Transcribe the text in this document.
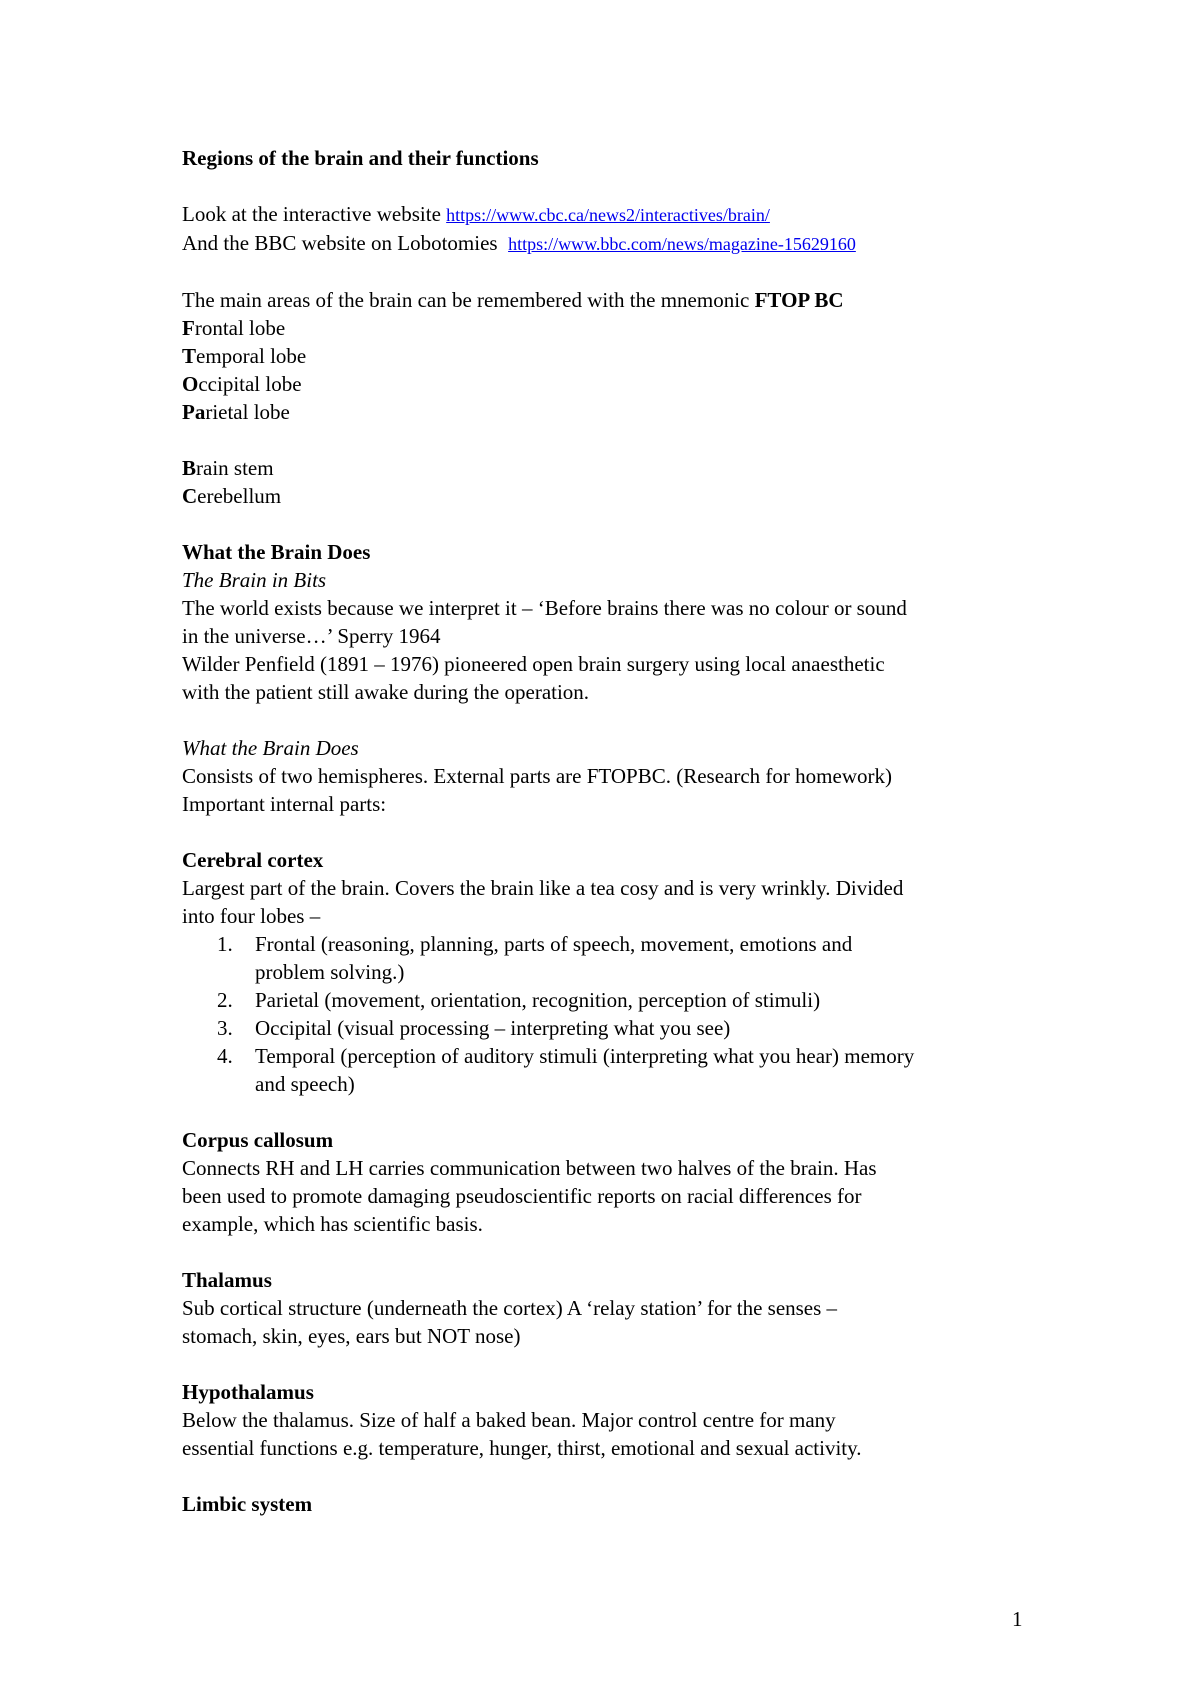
Regions of the brain and their functions

Look at the interactive website https://www.cbc.ca/news2/interactives/brain/

And the BBC website on Lobotomies  https://www.bbc.com/news/magazine-15629160

The main areas of the brain can be remembered with the mnemonic FTOP BC

Frontal lobe

Temporal lobe

Occipital lobe

Parietal lobe

Brain stem

Cerebellum

What the Brain Does

The Brain in Bits

The world exists because we interpret it – ‘Before brains there was no colour or sound

in the universe…’ Sperry 1964

Wilder Penfield (1891 – 1976) pioneered open brain surgery using local anaesthetic

with the patient still awake during the operation.

What the Brain Does

Consists of two hemispheres. External parts are FTOPBC. (Research for homework)

Important internal parts:

Cerebral cortex

Largest part of the brain. Covers the brain like a tea cosy and is very wrinkly. Divided

into four lobes –

1. Frontal (reasoning, planning, parts of speech, movement, emotions and
problem solving.)
2. Parietal (movement, orientation, recognition, perception of stimuli)
3. Occipital (visual processing – interpreting what you see)
4. Temporal (perception of auditory stimuli (interpreting what you hear) memory
and speech)

Corpus callosum

Connects RH and LH carries communication between two halves of the brain. Has

been used to promote damaging pseudoscientific reports on racial differences for

example, which has scientific basis.

Thalamus

Sub cortical structure (underneath the cortex) A ‘relay station’ for the senses –

stomach, skin, eyes, ears but NOT nose)

Hypothalamus

Below the thalamus. Size of half a baked bean. Major control centre for many

essential functions e.g. temperature, hunger, thirst, emotional and sexual activity.

Limbic system

1
